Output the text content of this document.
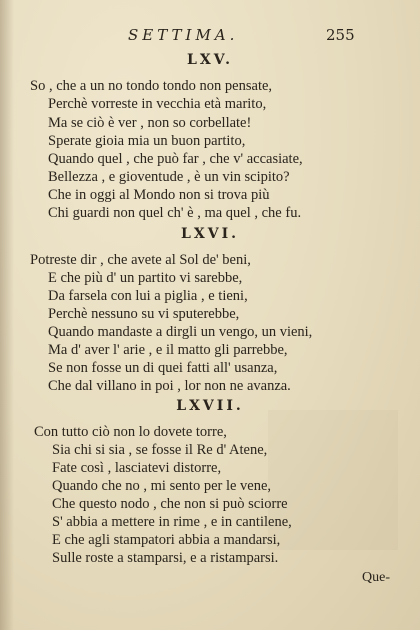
SETTIMA.	255
LXV.
So , che a un no tondo tondo non pensate,
Perchè vorreste in vecchia età marito,
Ma se ciò è ver , non so corbellate!
Sperate gioia mia un buon partito,
Quando quel , che può far , che v' accasiate,
Bellezza , e gioventude , è un vin scipito?
Che in oggi al Mondo non si trova più
Chi guardi non quel ch' è , ma quel , che fu.
LXVI.
Potreste dir , che avete al Sol de' beni,
E che più d' un partito vi sarebbe,
Da farsela con lui a piglia , e tieni,
Perchè nessuno su vi sputerebbe,
Quando mandaste a dirgli un vengo, un vieni,
Ma d' aver l' arie , e il matto gli parrebbe,
Se non fosse un di quei fatti all' usanza,
Che dal villano in poi , lor non ne avanza.
LXVII.
Con tutto ciò non lo dovete torre,
Sia chi si sia , se fosse il Re d' Atene,
Fate così , lasciatevi distorre,
Quando che no , mi sento per le vene,
Che questo nodo , che non si può sciorre
S' abbia a mettere in rime , e in cantilene,
E che agli stampatori abbia a mandarsi,
Sulle roste a stamparsi, e a ristamparsi.
Que-
